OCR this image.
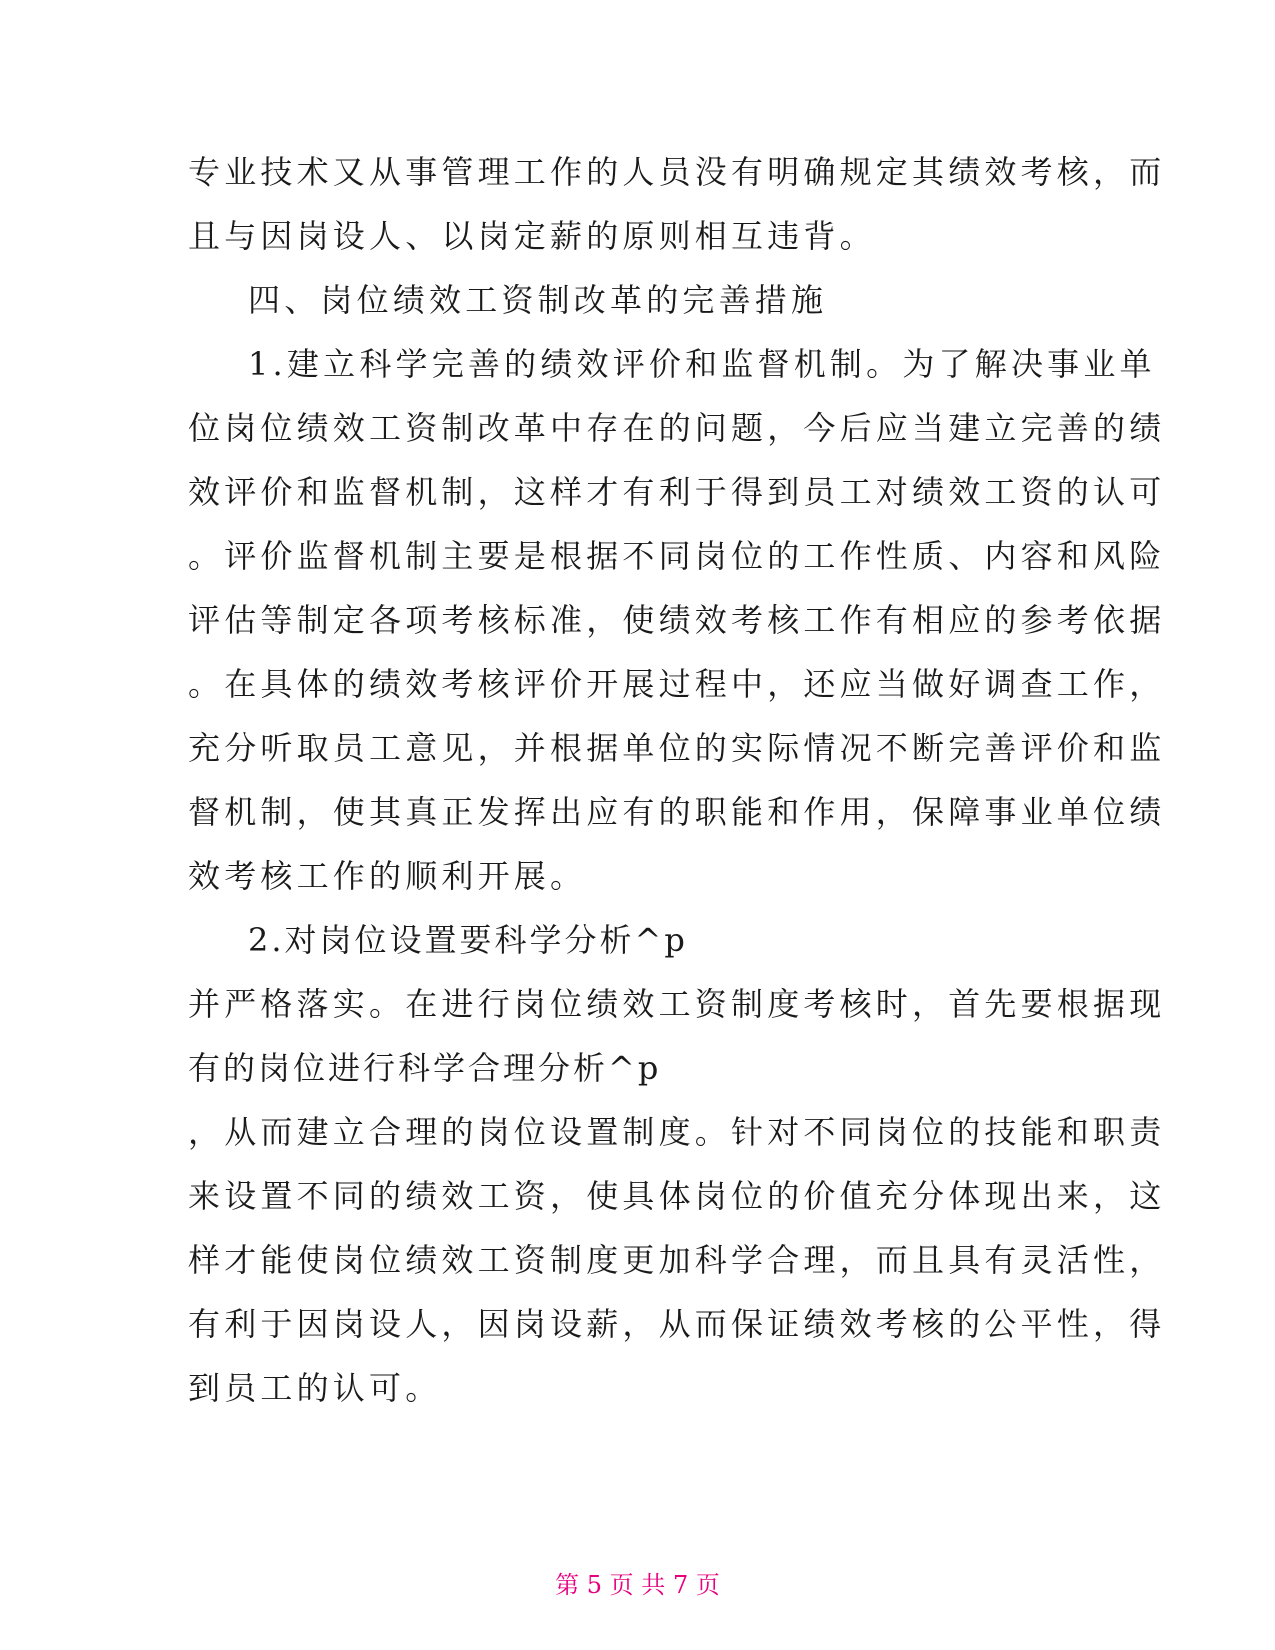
专业技术又从事管理工作的人员没有明确规定其绩效考核，而
且与因岗设人、以岗定薪的原则相互违背。
四、岗位绩效工资制改革的完善措施
1.建立科学完善的绩效评价和监督机制。为了解决事业单
位岗位绩效工资制改革中存在的问题，今后应当建立完善的绩
效评价和监督机制，这样才有利于得到员工对绩效工资的认可
。评价监督机制主要是根据不同岗位的工作性质、内容和风险
评估等制定各项考核标准，使绩效考核工作有相应的参考依据
。在具体的绩效考核评价开展过程中，还应当做好调查工作，
充分听取员工意见，并根据单位的实际情况不断完善评价和监
督机制，使其真正发挥出应有的职能和作用，保障事业单位绩
效考核工作的顺利开展。
2.对岗位设置要科学分析^p
并严格落实。在进行岗位绩效工资制度考核时，首先要根据现
有的岗位进行科学合理分析^p
，从而建立合理的岗位设置制度。针对不同岗位的技能和职责
来设置不同的绩效工资，使具体岗位的价值充分体现出来，这
样才能使岗位绩效工资制度更加科学合理，而且具有灵活性，
有利于因岗设人，因岗设薪，从而保证绩效考核的公平性，得
到员工的认可。
第 5 页 共 7 页
